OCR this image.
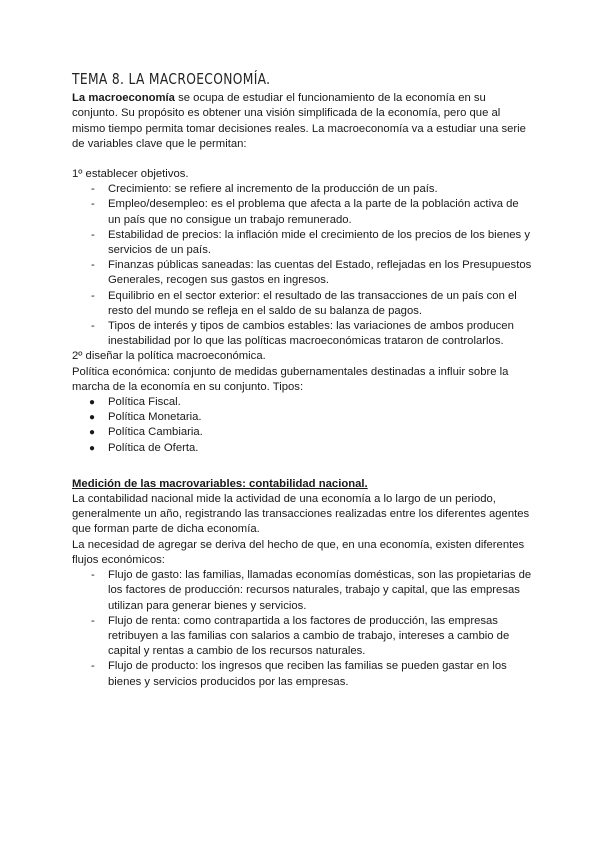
TEMA 8. LA MACROECONOMÍA.

La macroeconomía se ocupa de estudiar el funcionamiento de la economía en su conjunto. Su propósito es obtener una visión simplificada de la economía, pero que al mismo tiempo permita tomar decisiones reales. La macroeconomía va a estudiar una serie de variables clave que le permitan:

1º establecer objetivos.

- Crecimiento: se refiere al incremento de la producción de un país.
- Empleo/desempleo: es el problema que afecta a la parte de la población activa de un país que no consigue un trabajo remunerado.
- Estabilidad de precios: la inflación mide el crecimiento de los precios de los bienes y servicios de un país.
- Finanzas públicas saneadas: las cuentas del Estado, reflejadas en los Presupuestos Generales, recogen sus gastos en ingresos.
- Equilibrio en el sector exterior: el resultado de las transacciones de un país con el resto del mundo se refleja en el saldo de su balanza de pagos.
- Tipos de interés y tipos de cambios estables: las variaciones de ambos producen inestabilidad por lo que las políticas macroeconómicas trataron de controlarlos.

2º diseñar la política macroeconómica.

Política económica: conjunto de medidas gubernamentales destinadas a influir sobre la marcha de la economía en su conjunto. Tipos:

● Política Fiscal.
● Política Monetaria.
● Política Cambiaria.
● Política de Oferta.

Medición de las macrovariables: contabilidad nacional.

La contabilidad nacional mide la actividad de una economía a lo largo de un periodo, generalmente un año, registrando las transacciones realizadas entre los diferentes agentes que forman parte de dicha economía.

La necesidad de agregar se deriva del hecho de que, en una economía, existen diferentes flujos económicos:

- Flujo de gasto: las familias, llamadas economías domésticas, son las propietarias de los factores de producción: recursos naturales, trabajo y capital, que las empresas utilizan para generar bienes y servicios.
- Flujo de renta: como contrapartida a los factores de producción, las empresas retribuyen a las familias con salarios a cambio de trabajo, intereses a cambio de capital y rentas a cambio de los recursos naturales.
- Flujo de producto: los ingresos que reciben las familias se pueden gastar en los bienes y servicios producidos por las empresas.
